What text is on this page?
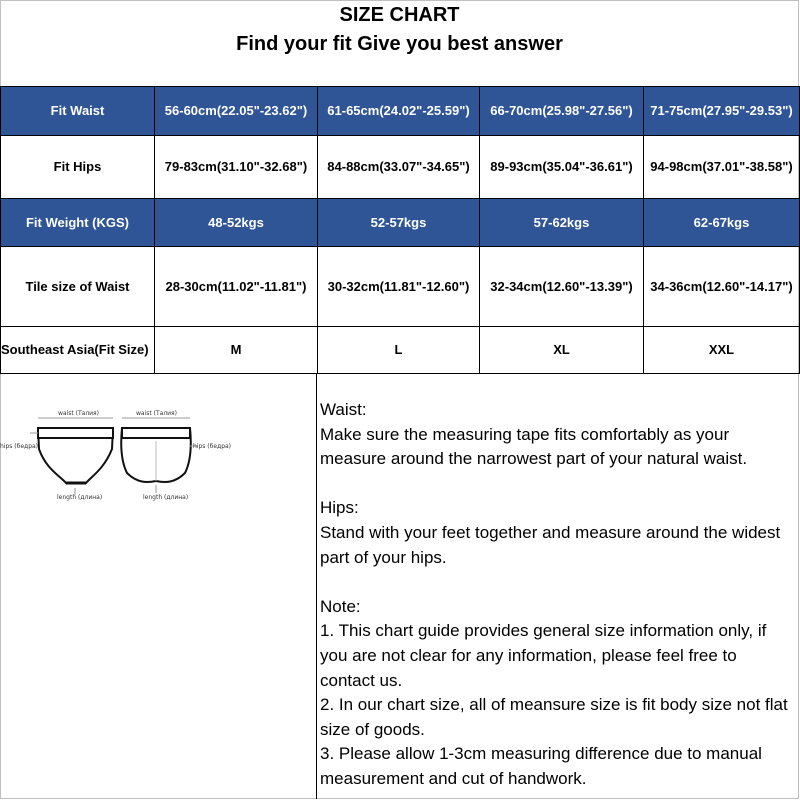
SIZE CHART
Find your fit Give you best answer
Fit Waist	56-60cm(22.05"-23.62")	61-65cm(24.02"-25.59")	66-70cm(25.98"-27.56")	71-75cm(27.95"-29.53")
Fit Hips	79-83cm(31.10"-32.68")	84-88cm(33.07"-34.65")	89-93cm(35.04"-36.61")	94-98cm(37.01"-38.58")
Fit Weight (KGS)	48-52kgs	52-57kgs	57-62kgs	62-67kgs
Tile size of Waist	28-30cm(11.02"-11.81")	30-32cm(11.81"-12.60")	32-34cm(12.60"-13.39")	34-36cm(12.60"-14.17")
Southeast Asia(Fit Size)	M	L	XL	XXL
waist (Талия)	waist (Талия)
hips (бедра)	hips (бедра)
length (длина)	length (длина)

Waist:

Make sure the measuring tape fits comfortably as your measure around the narrowest part of your natural waist.

Hips:

Stand with your feet together and measure around the widest part of your hips.

Note:

1. This chart guide provides general size information only, if you are not clear for any information, please feel free to contact us.

2. In our chart size, all of meansure size is fit body size not flat size of goods.

3. Please allow 1-3cm measuring difference due to manual measurement and cut of handwork.
